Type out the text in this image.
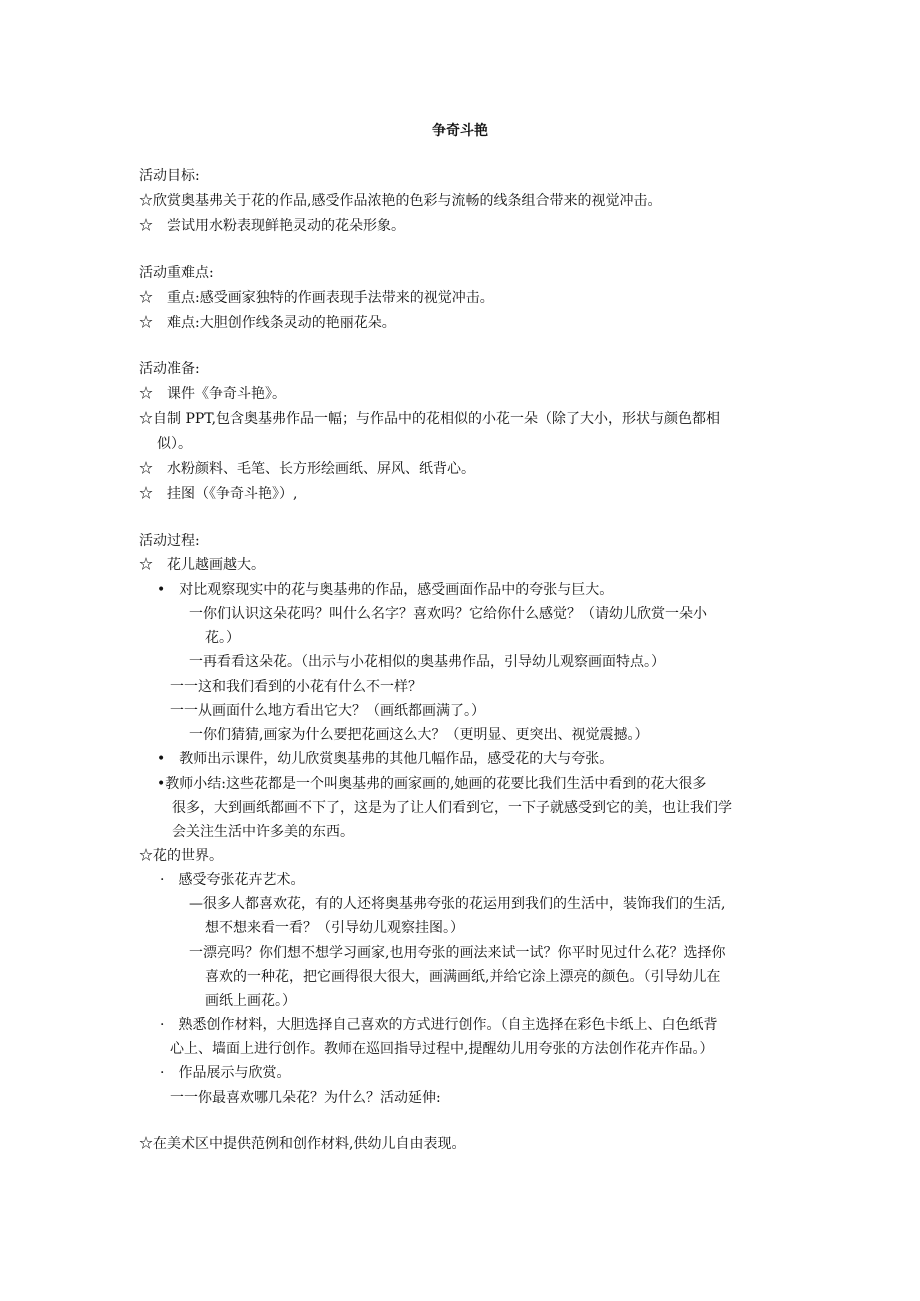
争奇斗艳
活动目标:
☆欣赏奥基弗关于花的作品,感受作品浓艳的色彩与流畅的线条组合带来的视觉冲击。
☆　尝试用水粉表现鲜艳灵动的花朵形象。
活动重难点:
☆　重点:感受画家独特的作画表现手法带来的视觉冲击。
☆　难点:大胆创作线条灵动的艳丽花朵。
活动准备:
☆　课件《争奇斗艳》。
☆自制 PPT,包含奥基弗作品一幅；与作品中的花相似的小花一朵（除了大小，形状与颜色都相
似）。
☆　水粉颜料、毛笔、长方形绘画纸、屏风、纸背心。
☆　挂图（《争奇斗艳》）,
活动过程:
☆　花儿越画越大。
•　对比观察现实中的花与奥基弗的作品，感受画面作品中的夸张与巨大。
一你们认识这朵花吗？叫什么名字？喜欢吗？它给你什么感觉？（请幼儿欣赏一朵小
花。）
一再看看这朵花。（出示与小花相似的奥基弗作品，引导幼儿观察画面特点。）
一一这和我们看到的小花有什么不一样？
一一从画面什么地方看出它大？（画纸都画满了。）
一你们猜猜,画家为什么要把花画这么大？（更明显、更突出、视觉震撼。）
•　教师出示课件，幼儿欣赏奥基弗的其他几幅作品，感受花的大与夸张。
•教师小结:这些花都是一个叫奥基弗的画家画的,她画的花要比我们生活中看到的花大很多
很多，大到画纸都画不下了，这是为了让人们看到它，一下子就感受到它的美，也让我们学
会关注生活中许多美的东西。
☆花的世界。
·　感受夸张花卉艺术。
—很多人都喜欢花，有的人还将奥基弗夸张的花运用到我们的生活中，装饰我们的生活,
想不想来看一看？（引导幼儿观察挂图。）
一漂亮吗？你们想不想学习画家,也用夸张的画法来试一试？你平时见过什么花？选择你
喜欢的一种花，把它画得很大很大，画满画纸,并给它涂上漂亮的颜色。（引导幼儿在
画纸上画花。）
·　熟悉创作材料，大胆选择自己喜欢的方式进行创作。（自主选择在彩色卡纸上、白色纸背
心上、墙面上进行创作。教师在巡回指导过程中,提醒幼儿用夸张的方法创作花卉作品。）
·　作品展示与欣赏。
一一你最喜欢哪几朵花？为什么？活动延伸:
☆在美术区中提供范例和创作材料,供幼儿自由表现。
